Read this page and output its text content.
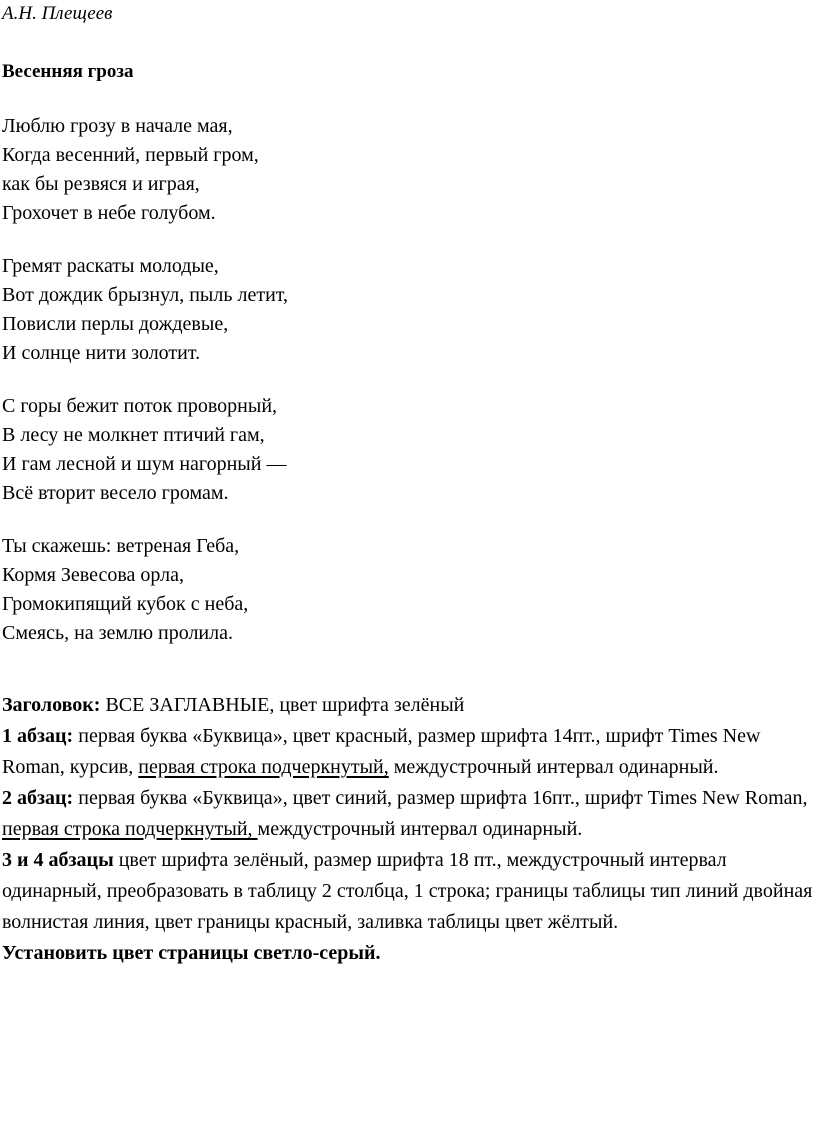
А.Н. Плещеев
Весенняя гроза
Люблю грозу в начале мая,
Когда весенний, первый гром,
как бы резвяся и играя,
Грохочет в небе голубом.
Гремят раскаты молодые,
Вот дождик брызнул, пыль летит,
Повисли перлы дождевые,
И солнце нити золотит.
С горы бежит поток проворный,
В лесу не молкнет птичий гам,
И гам лесной и шум нагорный —
Всё вторит весело громам.
Ты скажешь: ветреная Геба,
Кормя Зевесова орла,
Громокипящий кубок с неба,
Смеясь, на землю пролила.

Заголовок: ВСЕ ЗАГЛАВНЫЕ, цвет шрифта зелёный

1 абзац: первая буква «Буквица», цвет красный, размер шрифта 14пт., шрифт Times New Roman, курсив, первая строка подчеркнутый, междустрочный интервал одинарный.

2 абзац: первая буква «Буквица», цвет синий, размер шрифта 16пт., шрифт Times New Roman, первая строка подчеркнутый, междустрочный интервал одинарный.

3 и 4 абзацы цвет шрифта зелёный, размер шрифта 18 пт., междустрочный интервал одинарный, преобразовать в таблицу 2 столбца, 1 строка; границы таблицы тип линий двойная волнистая линия, цвет границы красный, заливка таблицы цвет жёлтый.

Установить цвет страницы светло-серый.
